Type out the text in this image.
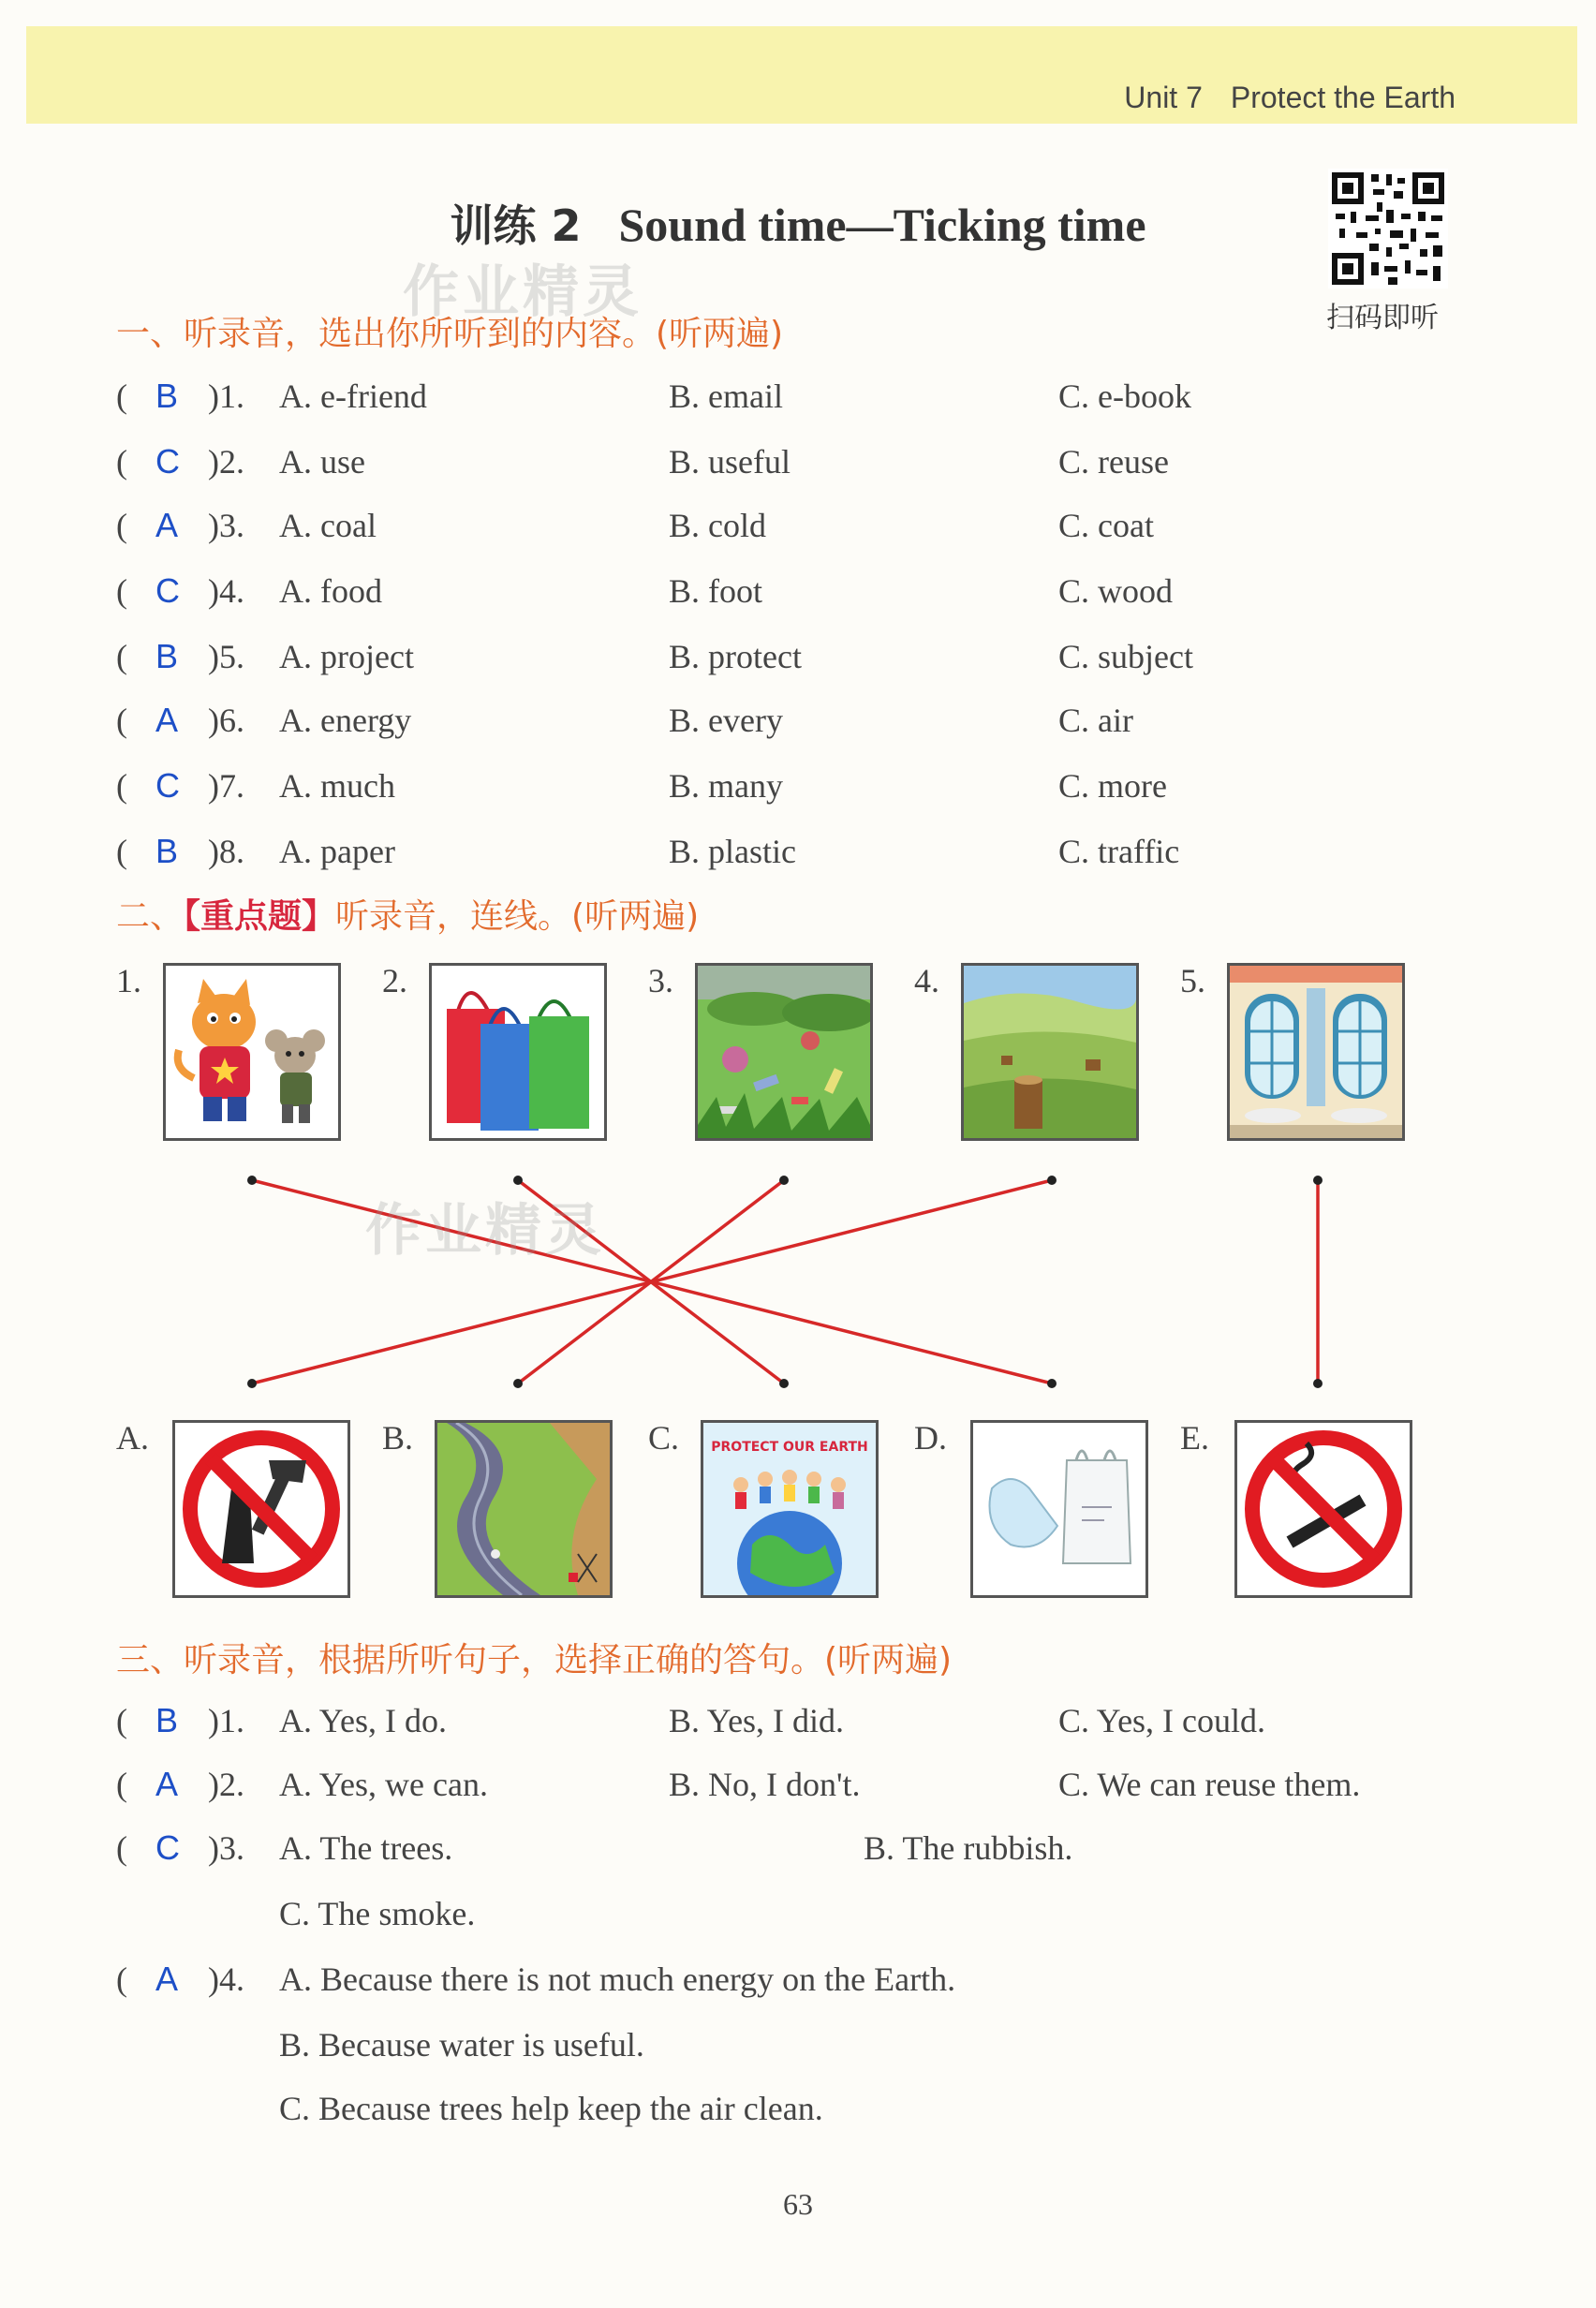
Unit 7 Protect the Earth
训练 2 Sound time—Ticking time
扫码即听
一、听录音，选出你所听到的内容。(听两遍)
( B )1. A. e-friend	B. email	C. e-book
( C )2. A. use	B. useful	C. reuse
( A )3. A. coal	B. cold	C. coat
( C )4. A. food	B. foot	C. wood
( B )5. A. project	B. protect	C. subject
( A )6. A. energy	B. every	C. air
( C )7. A. much	B. many	C. more
( B )8. A. paper	B. plastic	C. traffic
二、【重点题】听录音，连线。(听两遍)
1.	2.	3.	4.	5.
A.	B.	C.	D.	E.
PROTECT OUR EARTH
三、听录音，根据所听句子，选择正确的答句。(听两遍)
( B )1. A. Yes, I do.	B. Yes, I did.	C. Yes, I could.
( A )2. A. Yes, we can.	B. No, I don't.	C. We can reuse them.
( C )3. A. The trees.	B. The rubbish.
C. The smoke.
( A )4. A. Because there is not much energy on the Earth.
B. Because water is useful.
C. Because trees help keep the air clean.
作业精灵
作业精灵
63
